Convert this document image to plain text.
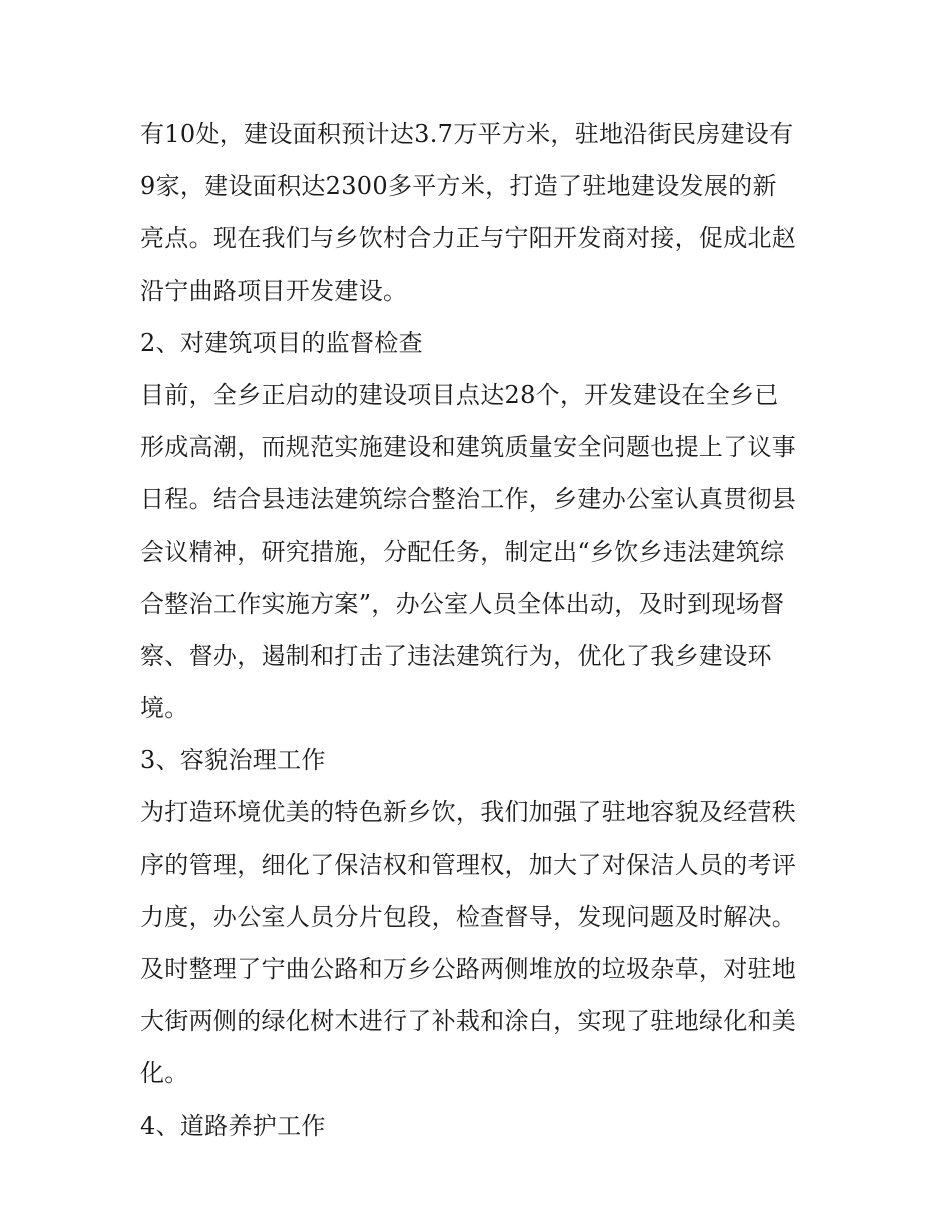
有10处，建设面积预计达3.7万平方米，驻地沿街民房建设有
9家，建设面积达2300多平方米，打造了驻地建设发展的新
亮点。现在我们与乡饮村合力正与宁阳开发商对接，促成北赵
沿宁曲路项目开发建设。
2、对建筑项目的监督检查
目前，全乡正启动的建设项目点达28个，开发建设在全乡已
形成高潮，而规范实施建设和建筑质量安全问题也提上了议事
日程。结合县违法建筑综合整治工作，乡建办公室认真贯彻县
会议精神，研究措施，分配任务，制定出“乡饮乡违法建筑综
合整治工作实施方案”，办公室人员全体出动，及时到现场督
察、督办，遏制和打击了违法建筑行为，优化了我乡建设环
境。
3、容貌治理工作
为打造环境优美的特色新乡饮，我们加强了驻地容貌及经营秩
序的管理，细化了保洁权和管理权，加大了对保洁人员的考评
力度，办公室人员分片包段，检查督导，发现问题及时解决。
及时整理了宁曲公路和万乡公路两侧堆放的垃圾杂草，对驻地
大街两侧的绿化树木进行了补栽和涂白，实现了驻地绿化和美
化。
4、道路养护工作
